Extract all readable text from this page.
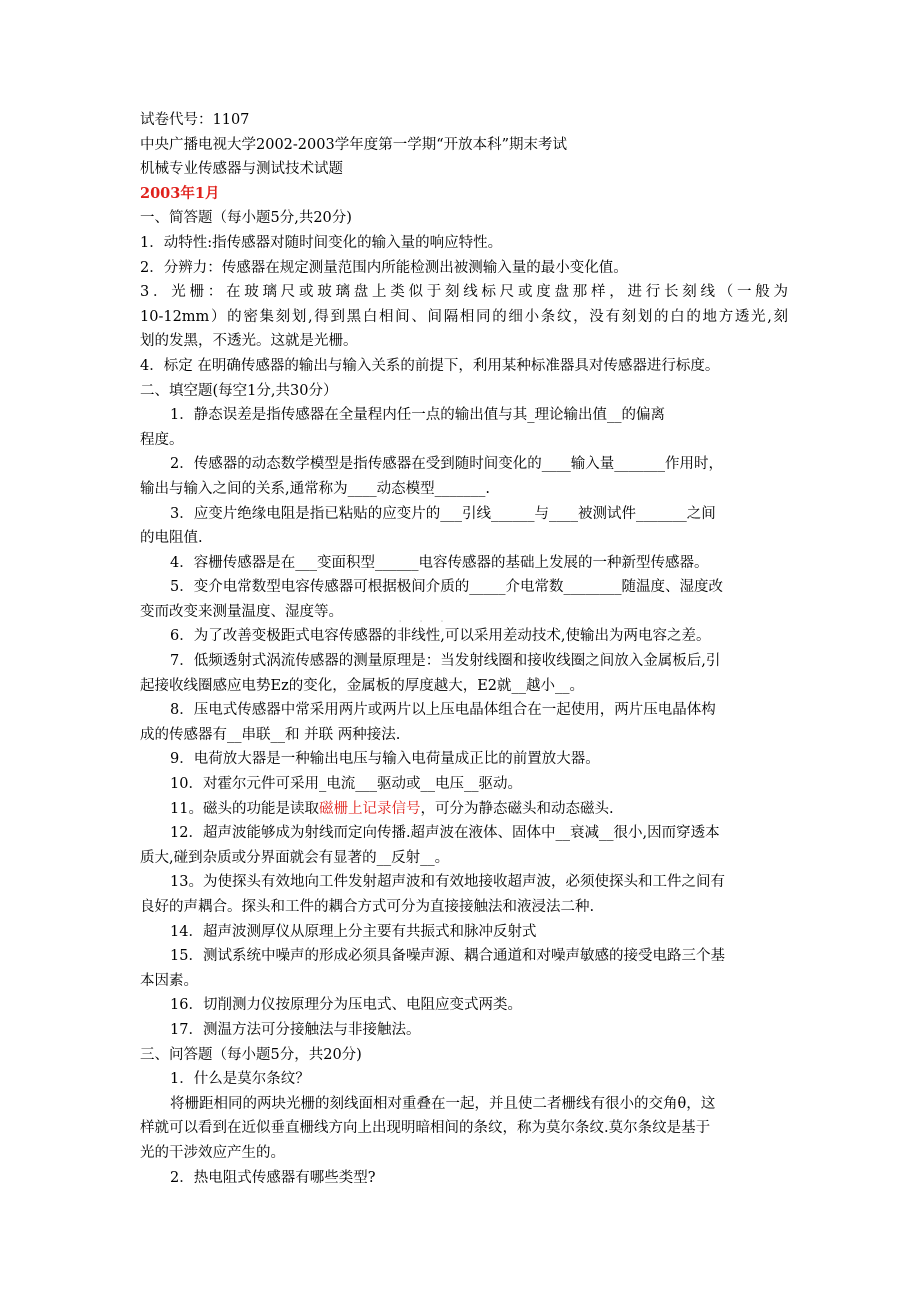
· · ·

试卷代号：1107

中央广播电视大学2002-2003学年度第一学期“开放本科”期末考试

机械专业传感器与测试技术试题

2003年1月

一、简答题（每小题5分,共20分)

1．动特性:指传感器对随时间变化的输入量的响应特性。

2．分辨力：传感器在规定测量范围内所能检测出被测输入量的最小变化值。

3．光栅：在玻璃尺或玻璃盘上类似于刻线标尺或度盘那样，进行长刻线（一般为

10-12mm）的密集刻划,得到黑白相间、间隔相同的细小条纹，没有刻划的白的地方透光,刻

划的发黑，不透光。这就是光栅。

4．标定 在明确传感器的输出与输入关系的前提下，利用某种标准器具对传感器进行标度。

二、填空题(每空1分,共30分）

1．静态误差是指传感器在全量程内任一点的输出值与其_理论输出值__的偏离

程度。

2．传感器的动态数学模型是指传感器在受到随时间变化的____输入量_______作用时，

输出与输入之间的关系,通常称为____动态模型_______.

3．应变片绝缘电阻是指已粘贴的应变片的___引线______与____被测试件_______之间

的电阻值.

4．容栅传感器是在___变面积型______电容传感器的基础上发展的一种新型传感器。

5．变介电常数型电容传感器可根据极间介质的_____介电常数________随温度、湿度改

变而改变来测量温度、湿度等。

6．为了改善变极距式电容传感器的非线性,可以采用差动技术,使输出为两电容之差。

7．低频透射式涡流传感器的测量原理是：当发射线圈和接收线圈之间放入金属板后,引

起接收线圈感应电势Ez的变化，金属板的厚度越大，E2就__越小__。

8．压电式传感器中常采用两片或两片以上压电晶体组合在一起使用，两片压电晶体构

成的传感器有__串联__和 并联 两种接法.

9．电荷放大器是一种输出电压与输入电荷量成正比的前置放大器。

10．对霍尔元件可采用_电流___驱动或__电压__驱动。

11。磁头的功能是读取磁栅上记录信号，可分为静态磁头和动态磁头.

12．超声波能够成为射线而定向传播.超声波在液体、固体中__衰减__很小,因而穿透本

质大,碰到杂质或分界面就会有显著的__反射__。

13。为使探头有效地向工件发射超声波和有效地接收超声波，必须使探头和工件之间有

良好的声耦合。探头和工件的耦合方式可分为直接接触法和液浸法二种.

14．超声波测厚仪从原理上分主要有共振式和脉冲反射式

15．测试系统中噪声的形成必须具备噪声源、耦合通道和对噪声敏感的接受电路三个基

本因素。

16．切削测力仪按原理分为压电式、电阻应变式两类。

17．测温方法可分接触法与非接触法。

三、问答题（每小题5分，共20分)

1．什么是莫尔条纹？

将栅距相同的两块光栅的刻线面相对重叠在一起，并且使二者栅线有很小的交角θ，这

样就可以看到在近似垂直栅线方向上出现明暗相间的条纹，称为莫尔条纹.莫尔条纹是基于

光的干涉效应产生的。

2．热电阻式传感器有哪些类型?
